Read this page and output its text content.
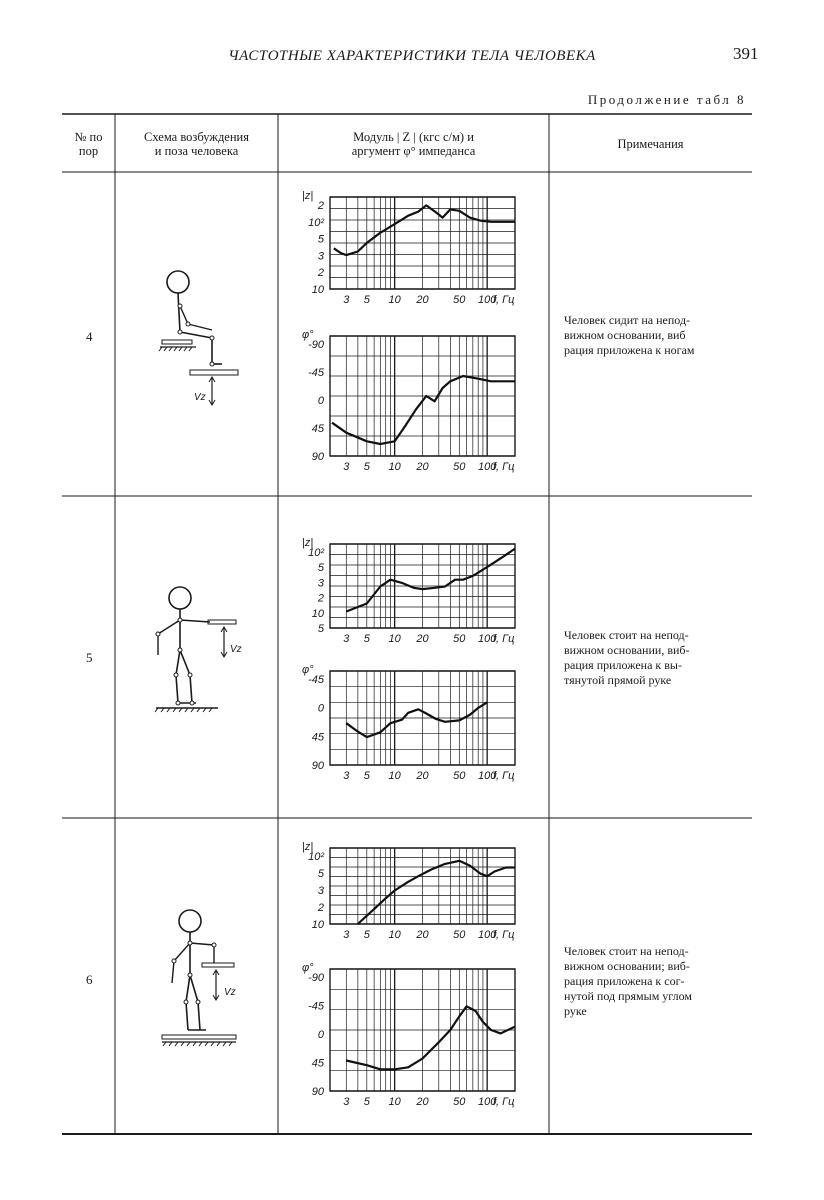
ЧАСТОТНЫЕ ХАРАКТЕРИСТИКИ ТЕЛА ЧЕЛОВЕКА	391
Продолжение табл 8
№ по
пор
Схема возбуждения
и поза человека
Модуль | Z | (кгс с/м) и
аргумент φ° импеданса	Примечания
4
5
6
Человек сидит на непод-
вижном основании, виб
рация приложена к ногам
Человек стоит на непод-
вижном основании, виб-
рация приложена к вы-
тянутой прямой руке
Человек стоит на непод-
вижном основании; виб-
рация приложена к сог-
нутой под прямым углом
руке
Vz
Vz
Vz
|z|
2
10²
5
3
2
10
3 5 10 20 50 100
f, Гц
φ°
-90
-45
0
45
90
3 5 10 20 50 100
f, Гц
|z|
10²
5
3
2
10
5
3 5 10 20 50 100
f, Гц
φ°
-45
0
45
90
3 5 10 20 50 100
f, Гц
|z|
10²
5
3
2
10
3 5 10 20 50 100
f, Гц
φ°
-90
-45
0
45
90
3 5 10 20 50 100
f, Гц
